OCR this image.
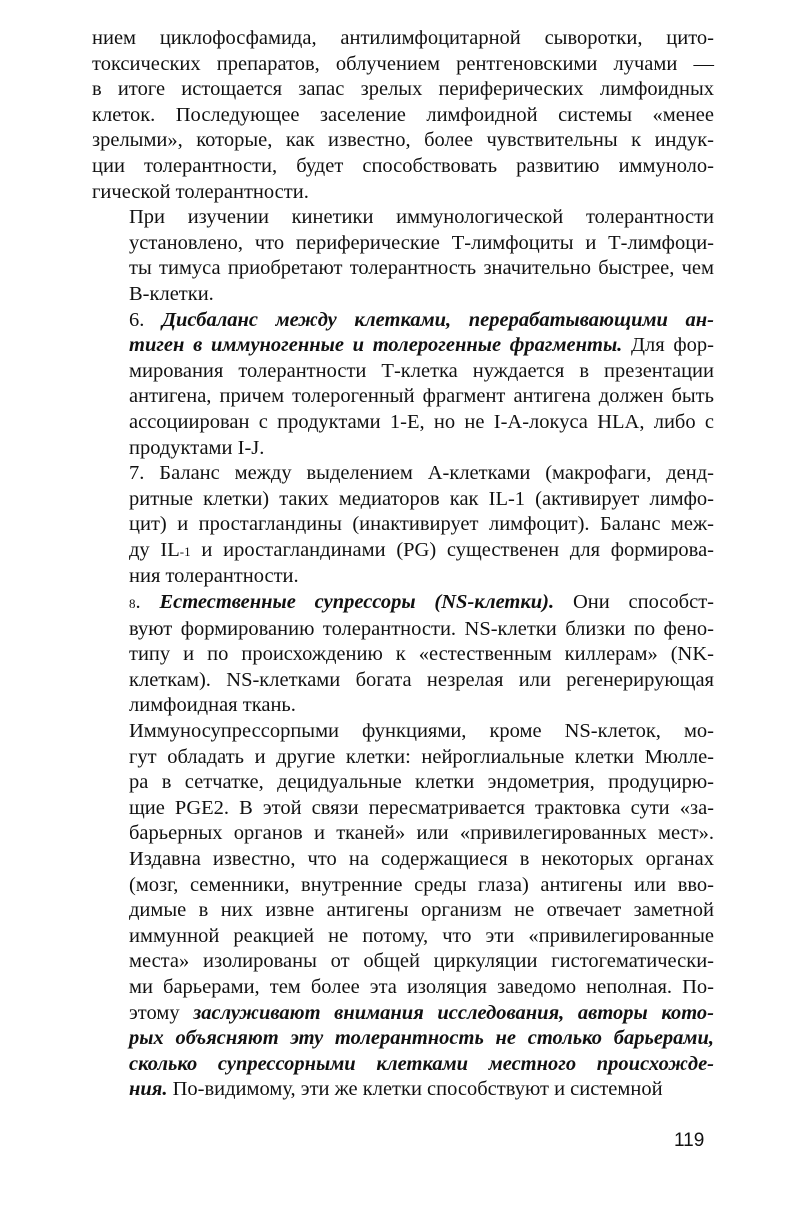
нием циклофосфамида, антилимфоцитарной сыворотки, цито-
токсических препаратов, облучением рентгеновскими лучами —
в итоге истощается запас зрелых периферических лимфоидных
клеток. Последующее заселение лимфоидной системы «менее
зрелыми», которые, как известно, более чувствительны к индук-
ции толерантности, будет способствовать развитию иммуноло-
гической толерантности.

При изучении кинетики иммунологической толерантности
установлено, что периферические Т-лимфоциты и Т-лимфоци-
ты тимуса приобретают толерантность значительно быстрее, чем
В-клетки.

6. Дисбаланс между клетками, перерабатывающими ан-
тиген в иммуногенные и толерогенные фрагменты. Для фор-
мирования толерантности Т-клетка нуждается в презентации
антигена, причем толерогенный фрагмент антигена должен быть
ассоциирован с продуктами 1-Е, но не I-А-локуса HLA, либо с
продуктами I-J.

7. Баланс между выделением А-клетками (макрофаги, денд-
ритные клетки) таких медиаторов как IL-1 (активирует лимфо-
цит) и простагландины (инактивирует лимфоцит). Баланс меж-
ду IL-1 и иростагландинами (PG) существенен для формирова-
ния толерантности.

8. Естественные супрессоры (NS-клетки). Они способст-
вуют формированию толерантности. NS-клетки близки по фено-
типу и по происхождению к «естественным киллерам» (NK-
клеткам). NS-клетками богата незрелая или регенерирующая
лимфоидная ткань.

Иммуносупрессорпыми функциями, кроме NS-клеток, мо-
гут обладать и другие клетки: нейроглиальные клетки Мюлле-
ра в сетчатке, децидуальные клетки эндометрия, продуцирю-
щие PGE2. В этой связи пересматривается трактовка сути «за-
барьерных органов и тканей» или «привилегированных мест».
Издавна известно, что на содержащиеся в некоторых органах
(мозг, семенники, внутренние среды глаза) антигены или вво-
димые в них извне антигены организм не отвечает заметной
иммунной реакцией не потому, что эти «привилегированные
места» изолированы от общей циркуляции гистогематически-
ми барьерами, тем более эта изоляция заведомо неполная. По-
этому заслуживают внимания исследования, авторы кото-
рых объясняют эту толерантность не столько барьерами,
сколько супрессорными клетками местного происхожде-
ния. По-видимому, эти же клетки способствуют и системной

119
